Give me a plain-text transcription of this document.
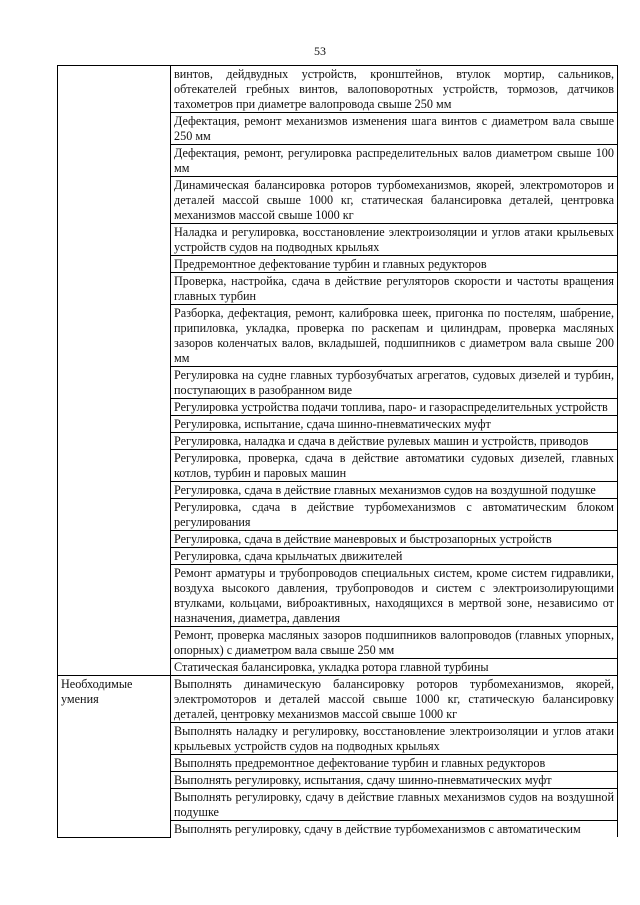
53
	винтов, дейдвудных устройств, кронштейнов, втулок мортир, сальников, обтекателей гребных винтов, валоповоротных устройств, тормозов, датчиков тахометров при диаметре валопровода свыше 250 мм
	Дефектация, ремонт механизмов изменения шага винтов с диаметром вала свыше 250 мм
	Дефектация, ремонт, регулировка распределительных валов диаметром свыше 100 мм
	Динамическая балансировка роторов турбомеханизмов, якорей, электромоторов и деталей массой свыше 1000 кг, статическая балансировка деталей, центровка механизмов массой свыше 1000 кг
	Наладка и регулировка, восстановление электроизоляции и углов атаки крыльевых устройств судов на подводных крыльях
	Предремонтное дефектование турбин и главных редукторов
	Проверка, настройка, сдача в действие регуляторов скорости и частоты вращения главных турбин
	Разборка, дефектация, ремонт, калибровка шеек, пригонка по постелям, шабрение, припиловка, укладка, проверка по раскепам и цилиндрам, проверка масляных зазоров коленчатых валов, вкладышей, подшипников с диаметром вала свыше 200 мм
	Регулировка на судне главных турбозубчатых агрегатов, судовых дизелей и турбин, поступающих в разобранном виде
	Регулировка устройства подачи топлива, паро- и газораспределительных устройств
	Регулировка, испытание, сдача шинно-пневматических муфт
	Регулировка, наладка и сдача в действие рулевых машин и устройств, приводов
	Регулировка, проверка, сдача в действие автоматики судовых дизелей, главных котлов, турбин и паровых машин
	Регулировка, сдача в действие главных механизмов судов на воздушной подушке
	Регулировка, сдача в действие турбомеханизмов с автоматическим блоком регулирования
	Регулировка, сдача в действие маневровых и быстрозапорных устройств
	Регулировка, сдача крыльчатых движителей
	Ремонт арматуры и трубопроводов специальных систем, кроме систем гидравлики, воздуха высокого давления, трубопроводов и систем с электроизолирующими втулками, кольцами, виброактивных, находящихся в мертвой зоне, независимо от назначения, диаметра, давления
	Ремонт, проверка масляных зазоров подшипников валопроводов (главных упорных, опорных) с диаметром вала свыше 250 мм
	Статическая балансировка, укладка ротора главной турбины
Необходимые умения	Выполнять динамическую балансировку роторов турбомеханизмов, якорей, электромоторов и деталей массой свыше 1000 кг, статическую балансировку деталей, центровку механизмов массой свыше 1000 кг
	Выполнять наладку и регулировку, восстановление электроизоляции и углов атаки крыльевых устройств судов на подводных крыльях
	Выполнять предремонтное дефектование турбин и главных редукторов
	Выполнять регулировку, испытания, сдачу шинно-пневматических муфт
	Выполнять регулировку, сдачу в действие главных механизмов судов на воздушной подушке
	Выполнять регулировку, сдачу в действие турбомеханизмов с автоматическим
